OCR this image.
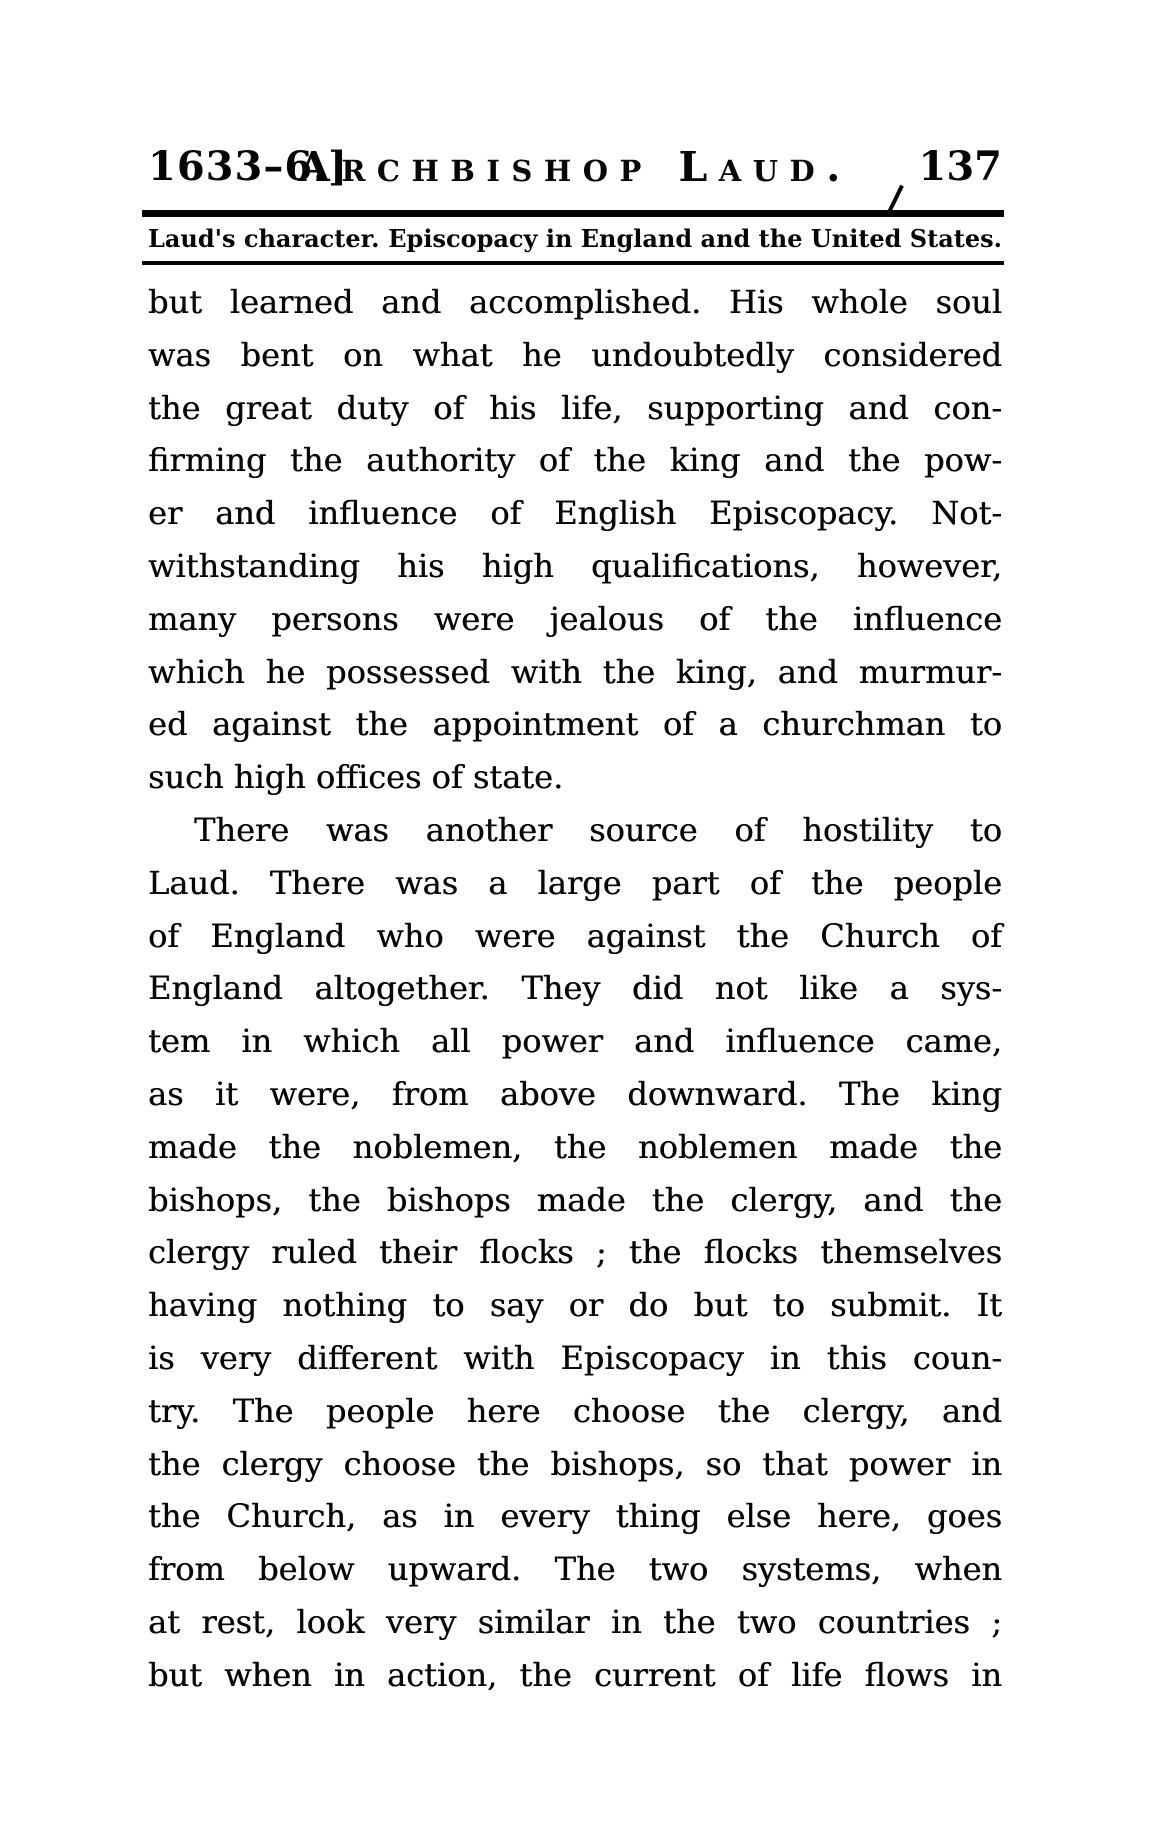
1633–6.]
Archbishop Laud.	137
Laud's character. Episcopacy in England and the United States.
but learned and accomplished. His whole soul
was bent on what he undoubtedly considered
the great duty of his life, supporting and con-
firming the authority of the king and the pow-
er and influence of English Episcopacy. Not-
withstanding his high qualifications, however,
many persons were jealous of the influence
which he possessed with the king, and murmur-
ed against the appointment of a churchman to
such high offices of state.
There was another source of hostility to
Laud. There was a large part of the people
of England who were against the Church of
England altogether. They did not like a sys-
tem in which all power and influence came,
as it were, from above downward. The king
made the noblemen, the noblemen made the
bishops, the bishops made the clergy, and the
clergy ruled their flocks ; the flocks themselves
having nothing to say or do but to submit. It
is very different with Episcopacy in this coun-
try. The people here choose the clergy, and
the clergy choose the bishops, so that power in
the Church, as in every thing else here, goes
from below upward. The two systems, when
at rest, look very similar in the two countries ;
but when in action, the current of life flows in
